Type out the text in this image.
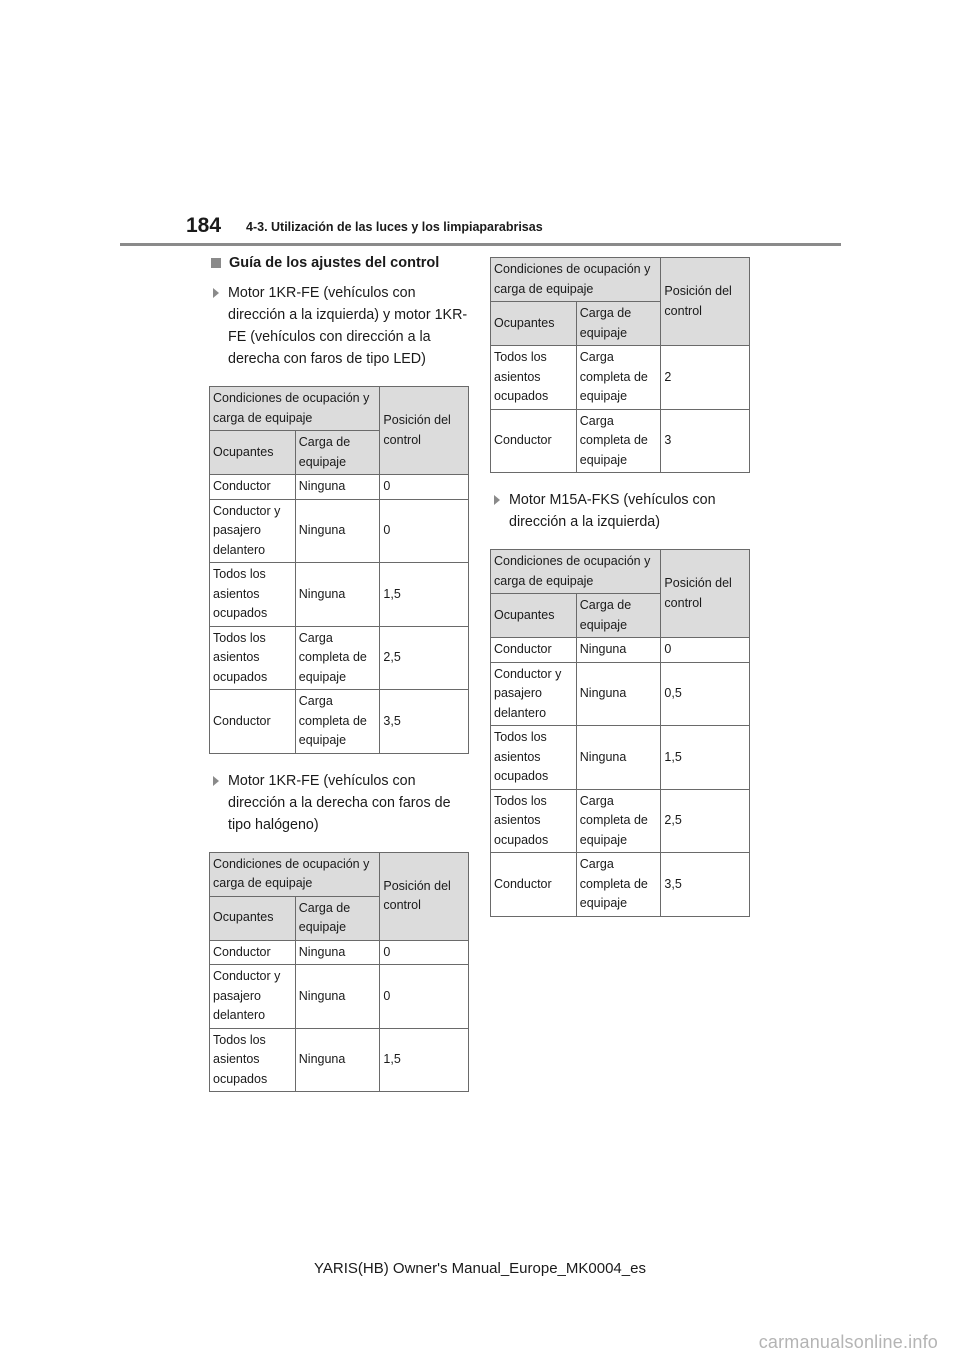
184 4-3. Utilización de las luces y los limpiaparabrisas
Guía de los ajustes del control
Motor 1KR-FE (vehículos con dirección a la izquierda) y motor 1KR-FE (vehículos con dirección a la derecha con faros de tipo LED)
Condiciones de ocupación y carga de equipaje		Posición del control
Ocupantes	Carga de equipaje	
Conductor	Ninguna	0
Conductor y pasajero delantero	Ninguna	0
Todos los asientos ocupados	Ninguna	1,5
Todos los asientos ocupados	Carga completa de equipaje	2,5
Conductor	Carga completa de equipaje	3,5
Motor 1KR-FE (vehículos con dirección a la derecha con faros de tipo halógeno)
Condiciones de ocupación y carga de equipaje		Posición del control
Ocupantes	Carga de equipaje	
Conductor	Ninguna	0
Conductor y pasajero delantero	Ninguna	0
Todos los asientos ocupados	Ninguna	1,5
Condiciones de ocupación y carga de equipaje		Posición del control
Ocupantes	Carga de equipaje	
Todos los asientos ocupados	Carga completa de equipaje	2
Conductor	Carga completa de equipaje	3
Motor M15A-FKS (vehículos con dirección a la izquierda)
Condiciones de ocupación y carga de equipaje		Posición del control
Ocupantes	Carga de equipaje	
Conductor	Ninguna	0
Conductor y pasajero delantero	Ninguna	0,5
Todos los asientos ocupados	Ninguna	1,5
Todos los asientos ocupados	Carga completa de equipaje	2,5
Conductor	Carga completa de equipaje	3,5
YARIS(HB) Owner's Manual_Europe_MK0004_es
carmanualsonline.info
